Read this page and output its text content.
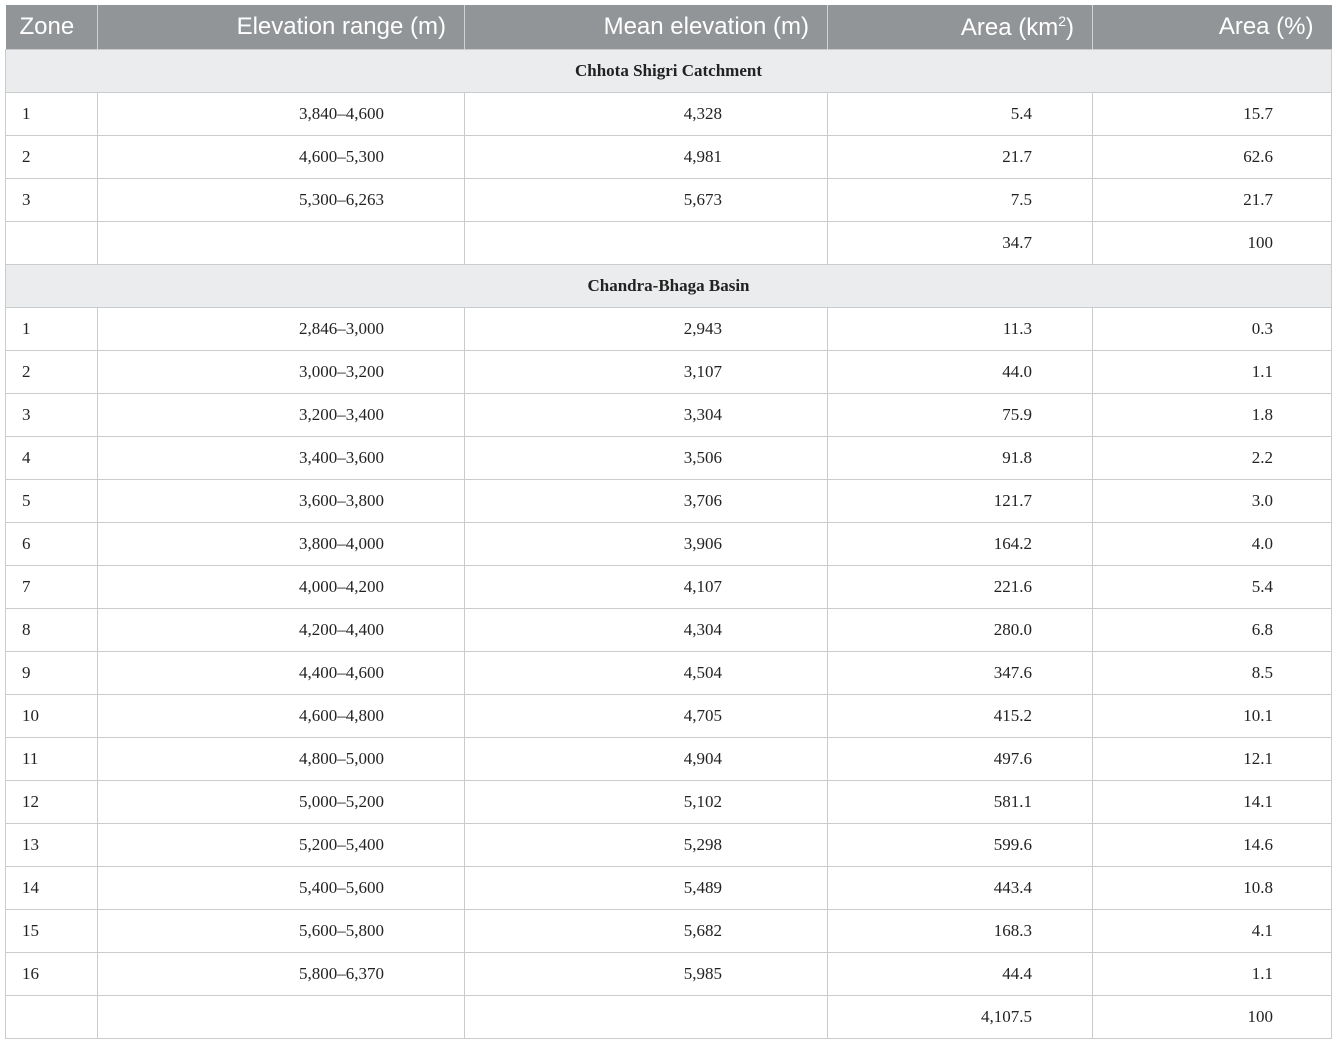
Zone	Elevation range (m)	Mean elevation (m)	Area $(km^2)$	Area (%)
Chhota Shigri Catchment				
1	3,840–4,600	4,328	5.4	15.7
2	4,600–5,300	4,981	21.7	62.6
3	5,300–6,263	5,673	7.5	21.7
			34.7	100
Chandra-Bhaga Basin				
1	2,846–3,000	2,943	11.3	0.3
2	3,000–3,200	3,107	44.0	1.1
3	3,200–3,400	3,304	75.9	1.8
4	3,400–3,600	3,506	91.8	2.2
5	3,600–3,800	3,706	121.7	3.0
6	3,800–4,000	3,906	164.2	4.0
7	4,000–4,200	4,107	221.6	5.4
8	4,200–4,400	4,304	280.0	6.8
9	4,400–4,600	4,504	347.6	8.5
10	4,600–4,800	4,705	415.2	10.1
11	4,800–5,000	4,904	497.6	12.1
12	5,000–5,200	5,102	581.1	14.1
13	5,200–5,400	5,298	599.6	14.6
14	5,400–5,600	5,489	443.4	10.8
15	5,600–5,800	5,682	168.3	4.1
16	5,800–6,370	5,985	44.4	1.1
			4,107.5	100
